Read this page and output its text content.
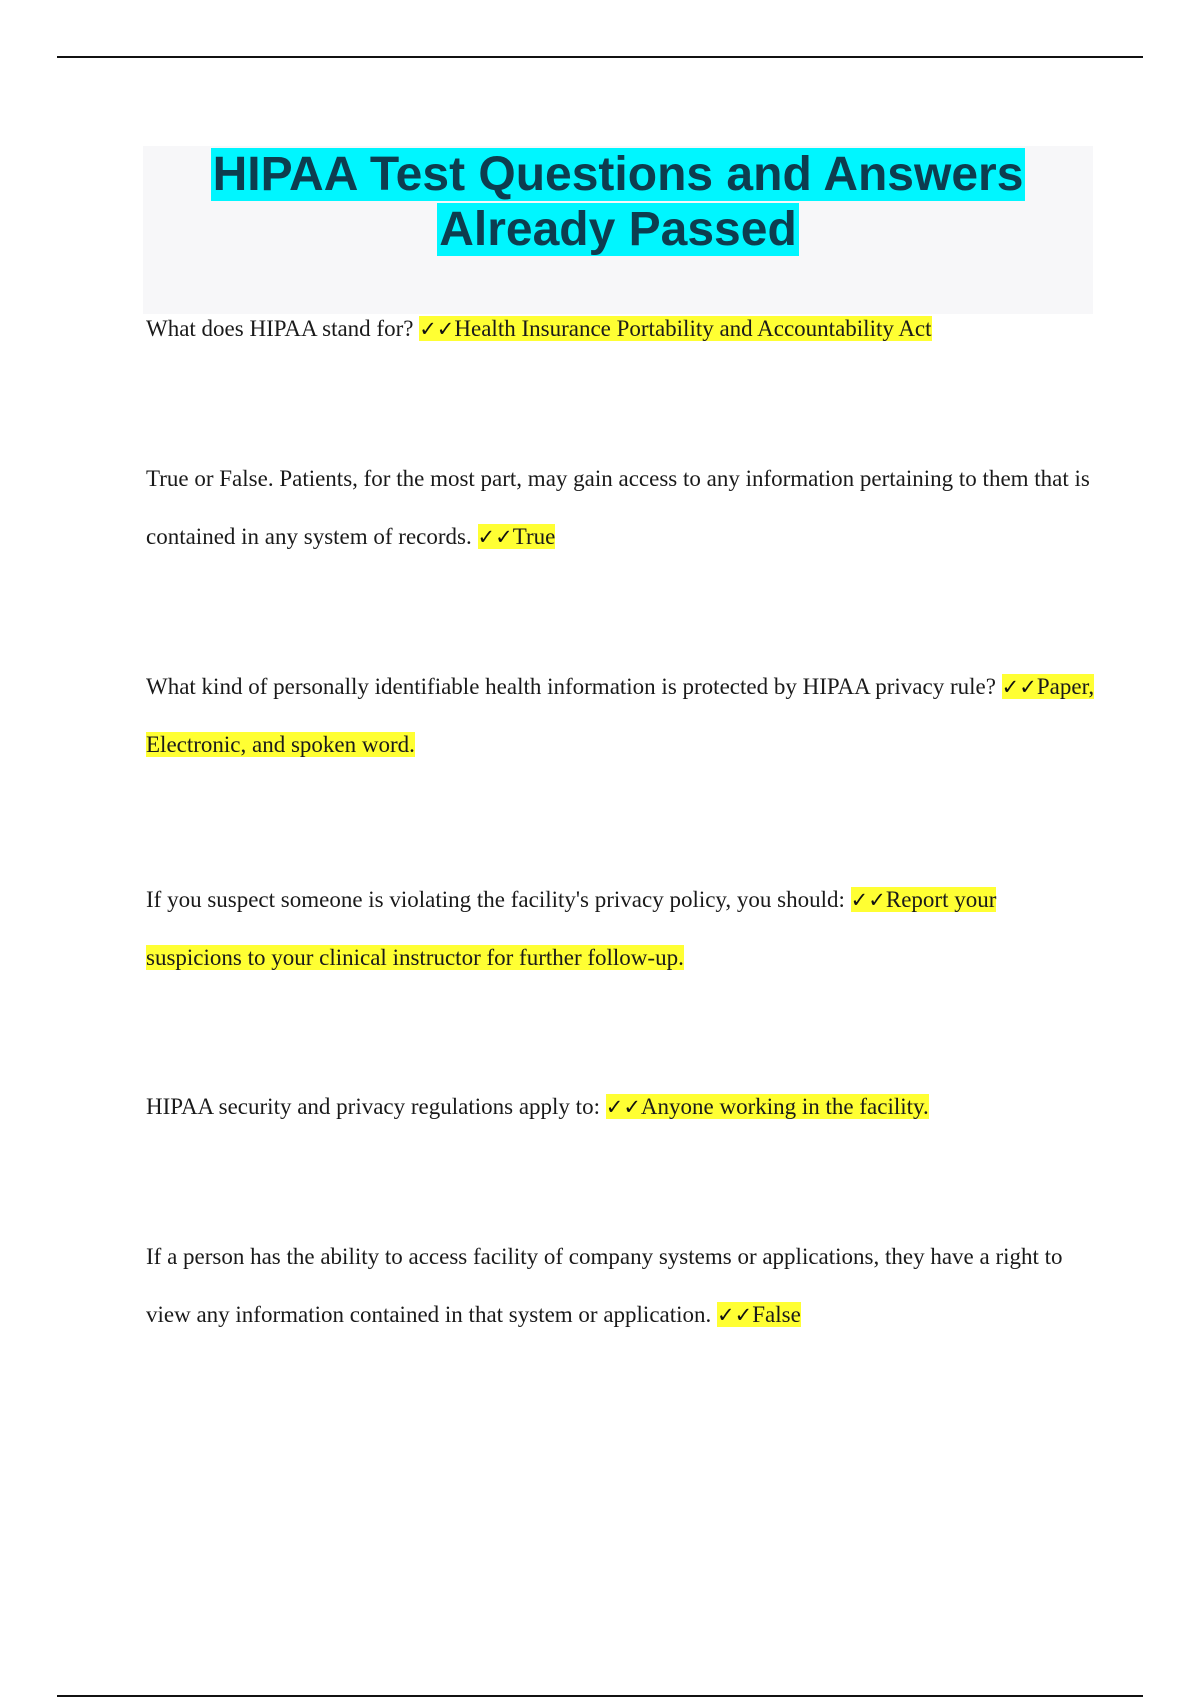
HIPAA Test Questions and Answers
Already Passed

What does HIPAA stand for? ✓✓Health Insurance Portability and Accountability Act

True or False. Patients, for the most part, may gain access to any information pertaining to them that is contained in any system of records. ✓✓True

What kind of personally identifiable health information is protected by HIPAA privacy rule? ✓✓Paper, Electronic, and spoken word.

If you suspect someone is violating the facility's privacy policy, you should: ✓✓Report your suspicions to your clinical instructor for further follow-up.

HIPAA security and privacy regulations apply to: ✓✓Anyone working in the facility.

If a person has the ability to access facility of company systems or applications, they have a right to view any information contained in that system or application. ✓✓False
